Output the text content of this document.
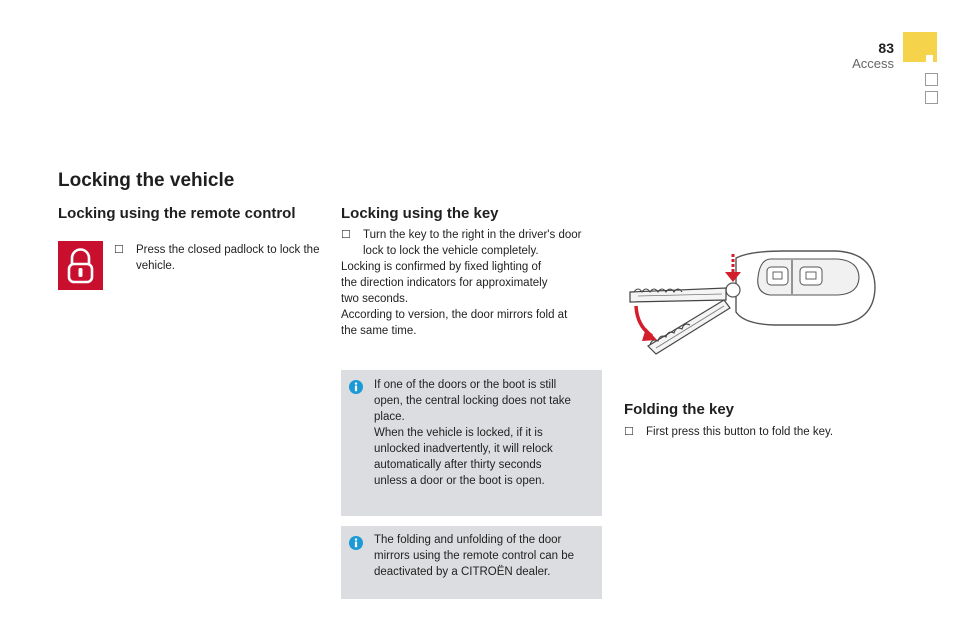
83
Access
Locking the vehicle
Locking using the remote control
☐	Press the closed padlock to lock the vehicle.
Locking using the key
☐	Turn the key to the right in the driver's door lock to lock the vehicle completely.
Locking is confirmed by fixed lighting of
the direction indicators for approximately
two seconds.
According to version, the door mirrors fold at
the same time.
If one of the doors or the boot is still
open, the central locking does not take
place.
When the vehicle is locked, if it is
unlocked inadvertently, it will relock
automatically after thirty seconds
unless a door or the boot is open.
The folding and unfolding of the door
mirrors using the remote control can be
deactivated by a CITROËN dealer.
Folding the key
☐	First press this button to fold the key.
